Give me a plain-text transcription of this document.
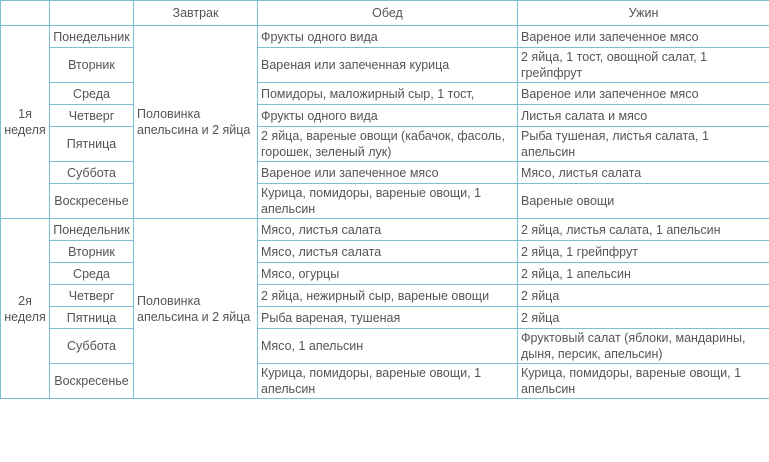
		Завтрак	Обед	Ужин
1я неделя	Понедельник	Половинка апельсина и 2 яйца	Фрукты одного вида	Вареное или запеченное мясо
	Вторник		Вареная или запеченная курица	2 яйца, 1 тост, овощной салат, 1 грейпфрут
	Среда		Помидоры, маложирный сыр, 1 тост,	Вареное или запеченное мясо
	Четверг		Фрукты одного вида	Листья салата и мясо
	Пятница		2 яйца, вареные овощи (кабачок, фасоль, горошек, зеленый лук)	Рыба тушеная, листья салата, 1 апельсин
	Суббота		Вареное или запеченное мясо	Мясо, листья салата
	Воскресенье		Курица, помидоры, вареные овощи, 1 апельсин	Вареные овощи
2я неделя	Понедельник	Половинка апельсина и 2 яйца	Мясо, листья салата	2 яйца, листья салата, 1 апельсин
	Вторник		Мясо, листья салата	2 яйца, 1 грейпфрут
	Среда		Мясо, огурцы	2 яйца, 1 апельсин
	Четверг		2 яйца, нежирный сыр, вареные овощи	2 яйца
	Пятница		Рыба вареная, тушеная	2 яйца
	Суббота		Мясо, 1 апельсин	Фруктовый салат (яблоки, мандарины, дыня, персик, апельсин)
	Воскресенье		Курица, помидоры, вареные овощи, 1 апельсин	Курица, помидоры, вареные овощи, 1 апельсин
